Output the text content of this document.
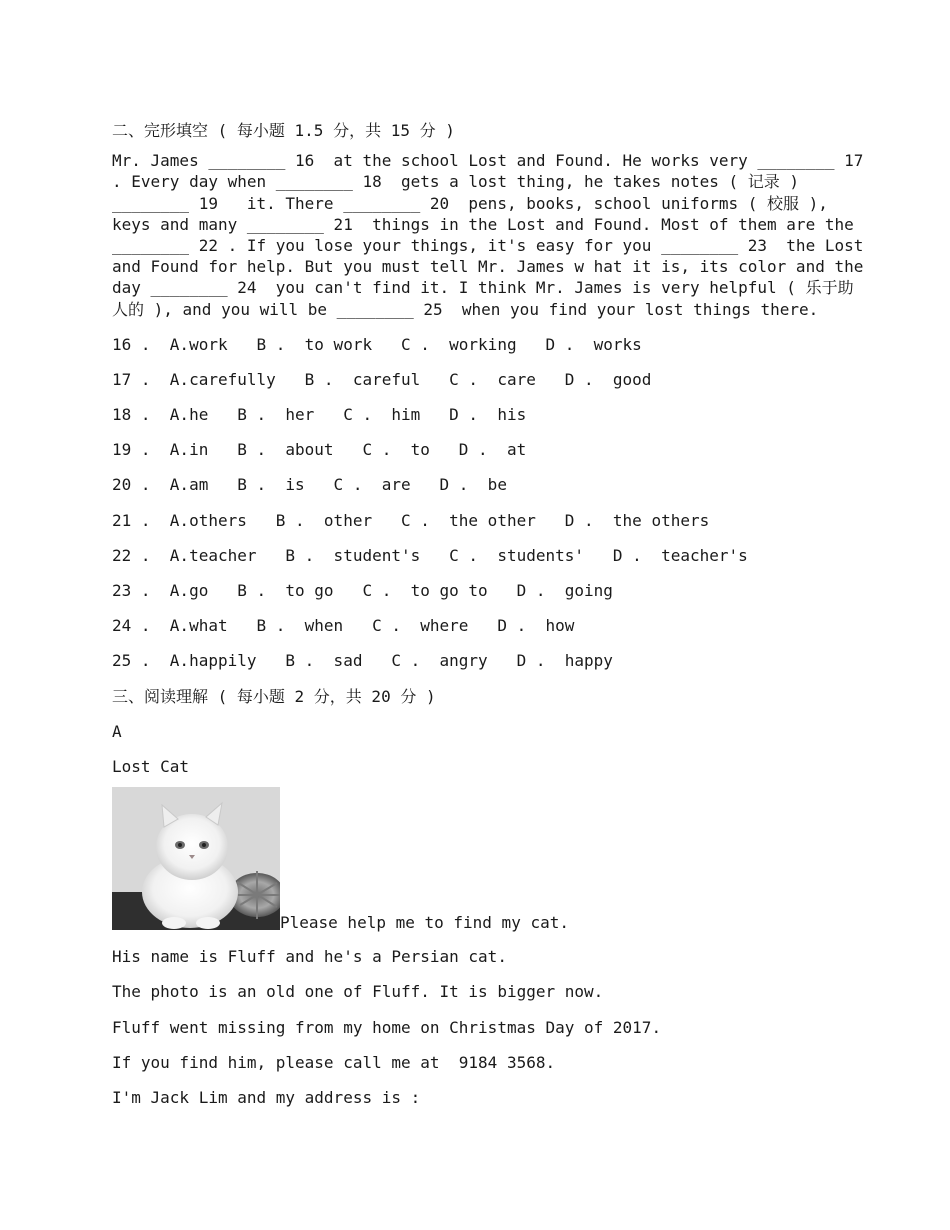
二、完形填空 ( 每小题 1.5 分，共 15 分 )
Mr. James ________ 16  at the school Lost and Found. He works very ________ 17
. Every day when ________ 18  gets a lost thing, he takes notes ( 记录 )
________ 19   it. There ________ 20  pens, books, school uniforms ( 校服 ),
keys and many ________ 21  things in the Lost and Found. Most of them are the
________ 22 . If you lose your things, it's easy for you ________ 23  the Lost
and Found for help. But you must tell Mr. James w hat it is, its color and the
day ________ 24  you can't find it. I think Mr. James is very helpful ( 乐于助
人的 ), and you will be ________ 25  when you find your lost things there.
16 .  A.work   B .  to work   C .  working   D .  works
17 .  A.carefully   B .  careful   C .  care   D .  good
18 .  A.he   B .  her   C .  him   D .  his
19 .  A.in   B .  about   C .  to   D .  at
20 .  A.am   B .  is   C .  are   D .  be
21 .  A.others   B .  other   C .  the other   D .  the others
22 .  A.teacher   B .  student's   C .  students'   D .  teacher's
23 .  A.go   B .  to go   C .  to go to   D .  going
24 .  A.what   B .  when   C .  where   D .  how
25 .  A.happily   B .  sad   C .  angry   D .  happy
三、阅读理解 ( 每小题 2 分，共 20 分 )
A
Lost Cat
Please help me to find my cat.
His name is Fluff and he's a Persian cat.
The photo is an old one of Fluff. It is bigger now.
Fluff went missing from my home on Christmas Day of 2017.
If you find him, please call me at  9184 3568.
I'm Jack Lim and my address is :
